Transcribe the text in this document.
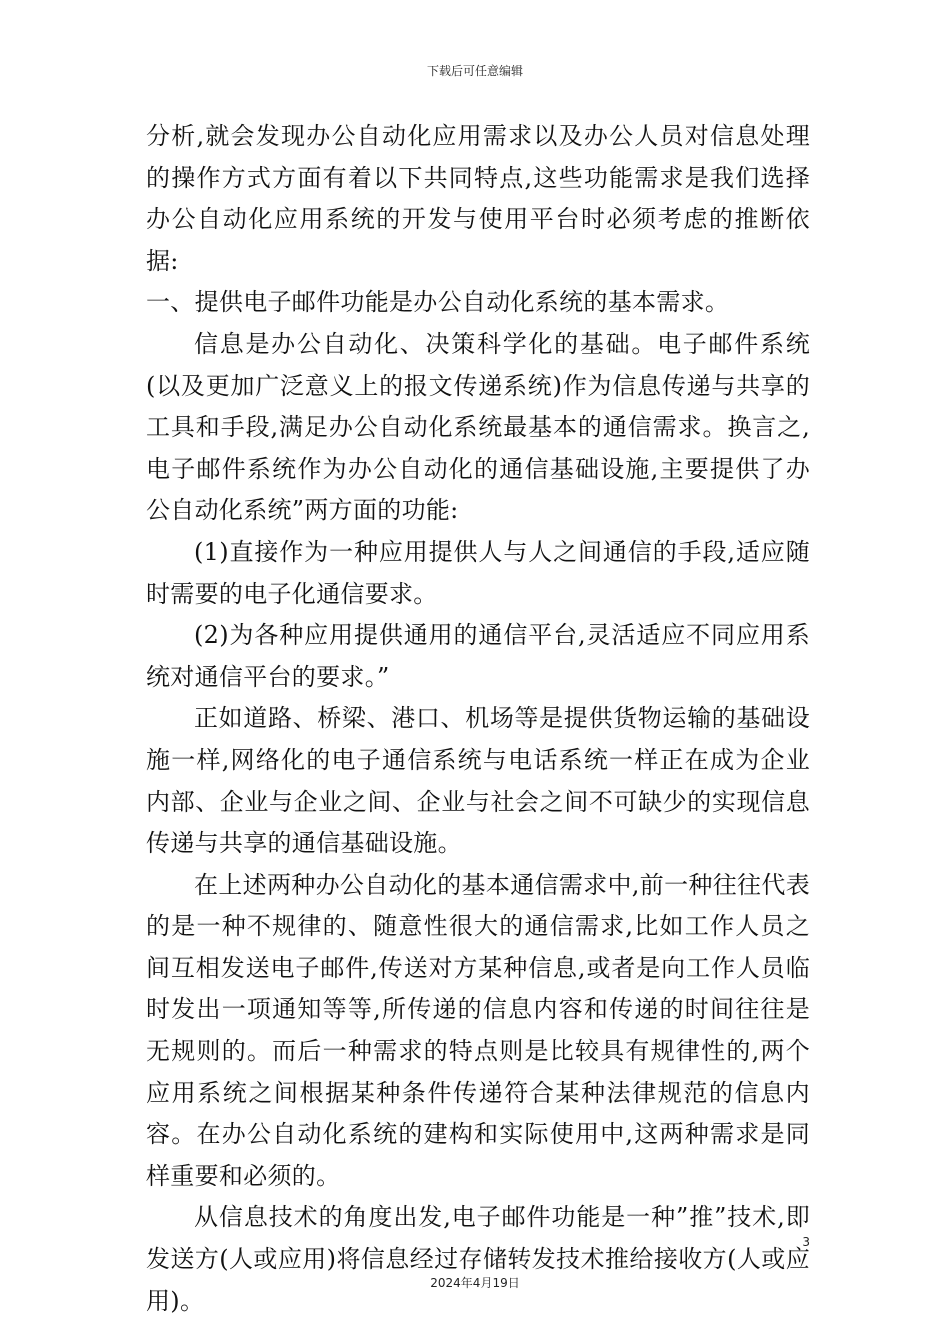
下载后可任意编辑

分析,就会发现办公自动化应用需求以及办公人员对信息处理的操作方式方面有着以下共同特点,这些功能需求是我们选择办公自动化应用系统的开发与使用平台时必须考虑的推断依据:

一、提供电子邮件功能是办公自动化系统的基本需求。

信息是办公自动化、决策科学化的基础。电子邮件系统(以及更加广泛意义上的报文传递系统)作为信息传递与共享的工具和手段,满足办公自动化系统最基本的通信需求。换言之,电子邮件系统作为办公自动化的通信基础设施,主要提供了办公自动化系统”两方面的功能:

(1)直接作为一种应用提供人与人之间通信的手段,适应随时需要的电子化通信要求。

(2)为各种应用提供通用的通信平台,灵活适应不同应用系统对通信平台的要求。”

正如道路、桥梁、港口、机场等是提供货物运输的基础设施一样,网络化的电子通信系统与电话系统一样正在成为企业内部、企业与企业之间、企业与社会之间不可缺少的实现信息传递与共享的通信基础设施。

在上述两种办公自动化的基本通信需求中,前一种往往代表的是一种不规律的、随意性很大的通信需求,比如工作人员之间互相发送电子邮件,传送对方某种信息,或者是向工作人员临时发出一项通知等等,所传递的信息内容和传递的时间往往是无规则的。而后一种需求的特点则是比较具有规律性的,两个应用系统之间根据某种条件传递符合某种法律规范的信息内容。在办公自动化系统的建构和实际使用中,这两种需求是同样重要和必须的。

从信息技术的角度出发,电子邮件功能是一种”推”技术,即发送方(人或应用)将信息经过存储转发技术推给接收方(人或应用)。

3
2024年4月19日
